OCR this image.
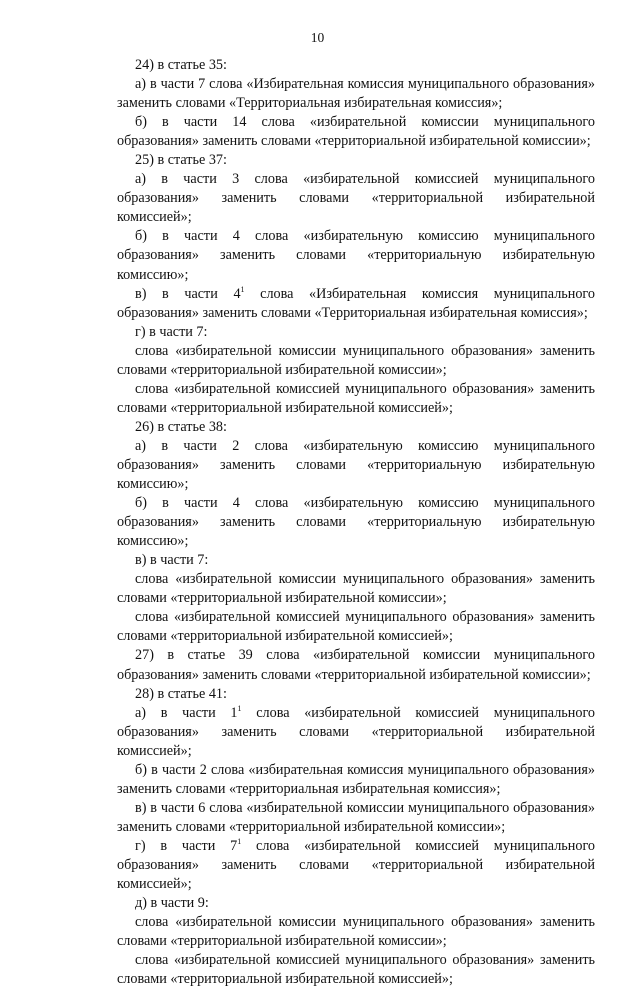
10

24) в статье 35:

а) в части 7 слова «Избирательная комиссия муниципального образования» заменить словами «Территориальная избирательная комиссия»;

б) в части 14 слова «избирательной комиссии муниципального образования» заменить словами «территориальной избирательной комиссии»;

25) в статье 37:

а) в части 3 слова «избирательной комиссией муниципального образования» заменить словами «территориальной избирательной комиссией»;

б) в части 4 слова «избирательную комиссию муниципального образования» заменить словами «территориальную избирательную комиссию»;

в) в части $4^1$ слова «Избирательная комиссия муниципального образования» заменить словами «Территориальная избирательная комиссия»;

г) в части 7:

слова «избирательной комиссии муниципального образования» заменить словами «территориальной избирательной комиссии»;

слова «избирательной комиссией муниципального образования» заменить словами «территориальной избирательной комиссией»;

26) в статье 38:

а) в части 2 слова «избирательную комиссию муниципального образования» заменить словами «территориальную избирательную комиссию»;

б) в части 4 слова «избирательную комиссию муниципального образования» заменить словами «территориальную избирательную комиссию»;

в) в части 7:

слова «избирательной комиссии муниципального образования» заменить словами «территориальной избирательной комиссии»;

слова «избирательной комиссией муниципального образования» заменить словами «территориальной избирательной комиссией»;

27) в статье 39 слова «избирательной комиссии муниципального образования» заменить словами «территориальной избирательной комиссии»;

28) в статье 41:

а) в части $1^1$ слова «избирательной комиссией муниципального образования» заменить словами «территориальной избирательной комиссией»;

б) в части 2 слова «избирательная комиссия муниципального образования» заменить словами «территориальная избирательная комиссия»;

в) в части 6 слова «избирательной комиссии муниципального образования» заменить словами «территориальной избирательной комиссии»;

г) в части $7^1$ слова «избирательной комиссией муниципального образования» заменить словами «территориальной избирательной комиссией»;

д) в части 9:

слова «избирательной комиссии муниципального образования» заменить словами «территориальной избирательной комиссии»;

слова «избирательной комиссией муниципального образования» заменить словами «территориальной избирательной комиссией»;
